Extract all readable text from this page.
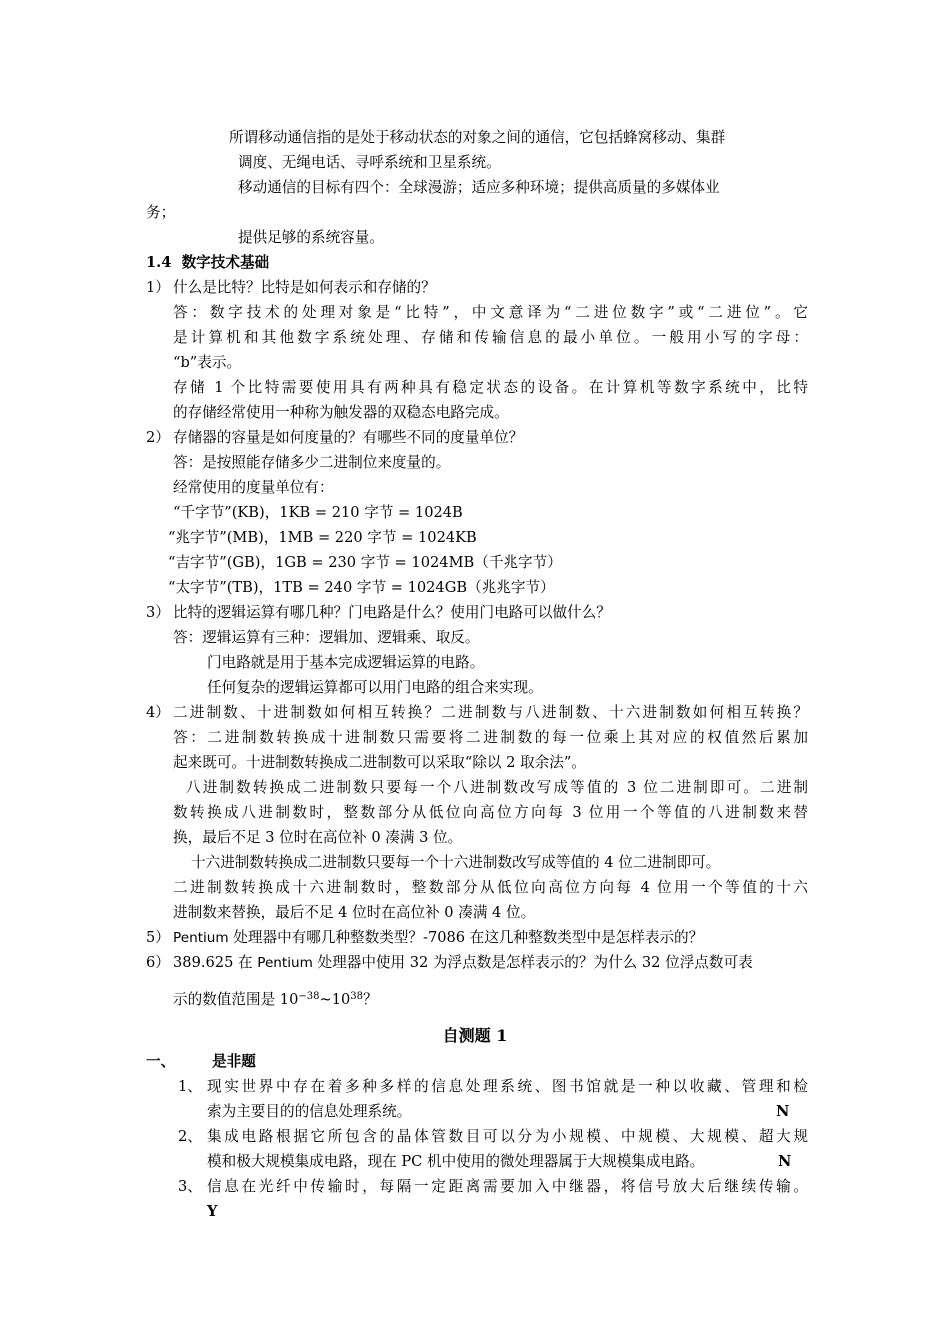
所谓移动通信指的是处于移动状态的对象之间的通信，它包括蜂窝移动、集群
调度、无绳电话、寻呼系统和卫星系统。
移动通信的目标有四个：全球漫游；适应多种环境；提供高质量的多媒体业
务；
提供足够的系统容量。
1.4 数字技术基础
1） 什么是比特？比特是如何表示和存储的？
答：数字技术的处理对象是“比特”，中文意译为“二进位数字”或“二进位”。它
是计算机和其他数字系统处理、存储和传输信息的最小单位。一般用小写的字母：
“b”表示。
存储 1 个比特需要使用具有两种具有稳定状态的设备。在计算机等数字系统中，比特
的存储经常使用一种称为触发器的双稳态电路完成。
2） 存储器的容量是如何度量的？有哪些不同的度量单位？
答：是按照能存储多少二进制位来度量的。
经常使用的度量单位有：
“千字节”(KB)，1KB = 210 字节 = 1024B
“兆字节”(MB)，1MB = 220 字节 = 1024KB
“吉字节”(GB)，1GB = 230 字节 = 1024MB（千兆字节）
“太字节”(TB)，1TB = 240 字节 = 1024GB（兆兆字节）
3） 比特的逻辑运算有哪几种？门电路是什么？使用门电路可以做什么？
答：逻辑运算有三种：逻辑加、逻辑乘、取反。
门电路就是用于基本完成逻辑运算的电路。
任何复杂的逻辑运算都可以用门电路的组合来实现。
4） 二进制数、十进制数如何相互转换？二进制数与八进制数、十六进制数如何相互转换？
答：二进制数转换成十进制数只需要将二进制数的每一位乘上其对应的权值然后累加
起来既可。十进制数转换成二进制数可以采取“除以 2 取余法”。
八进制数转换成二进制数只要每一个八进制数改写成等值的 3 位二进制即可。二进制
数转换成八进制数时，整数部分从低位向高位方向每 3 位用一个等值的八进制数来替
换，最后不足 3 位时在高位补 0 凑满 3 位。
十六进制数转换成二进制数只要每一个十六进制数改写成等值的 4 位二进制即可。
二进制数转换成十六进制数时，整数部分从低位向高位方向每 4 位用一个等值的十六
进制数来替换，最后不足 4 位时在高位补 0 凑满 4 位。
5） Pentium 处理器中有哪几种整数类型？-7086 在这几种整数类型中是怎样表示的？
6） 389.625 在 Pentium 处理器中使用 32 为浮点数是怎样表示的？为什么 32 位浮点数可表
示的数值范围是 $10^{-38}\sim 10^{38}$？
自测题 1
一、	是非题
1、 现实世界中存在着多种多样的信息处理系统、图书馆就是一种以收藏、管理和检
索为主要目的的信息处理系统。	N
2、 集成电路根据它所包含的晶体管数目可以分为小规模、中规模、大规模、超大规
模和极大规模集成电路，现在 PC 机中使用的微处理器属于大规模集成电路。	N
3、 信息在光纤中传输时，每隔一定距离需要加入中继器，将信号放大后继续传输。
Y
